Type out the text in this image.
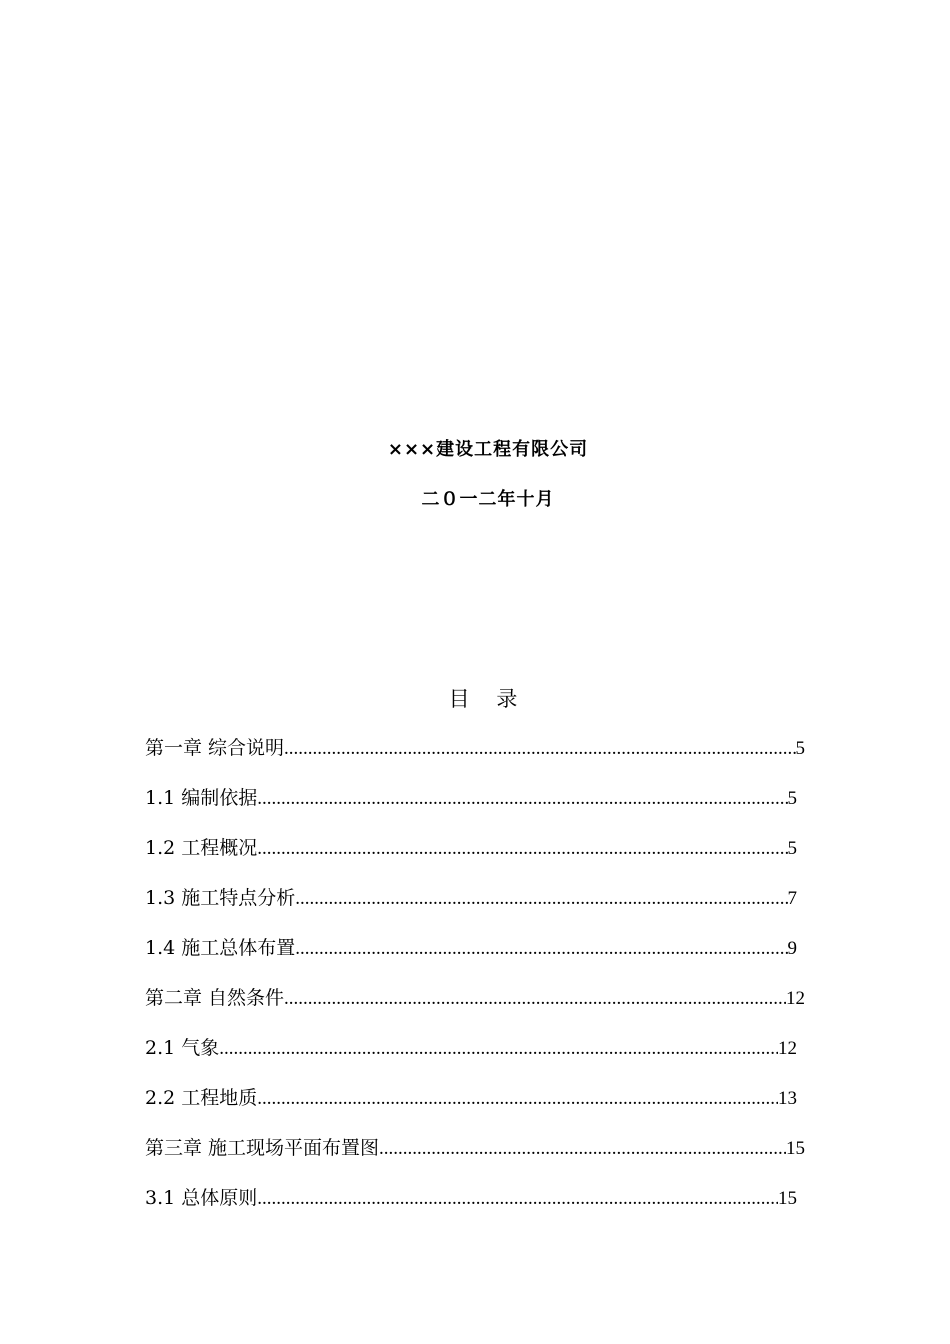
×××建设工程有限公司
二０一二年十月
目 录
第一章 综合说明 .....	5
1.1 编制依据 .....	5
1.2 工程概况 .....	5
1.3 施工特点分析 .....	7
1.4 施工总体布置 .....	9
第二章 自然条件 .....	12
2.1 气象 .....	12
2.2 工程地质 .....	13
第三章 施工现场平面布置图 .....	15
3.1 总体原则 .....	15
